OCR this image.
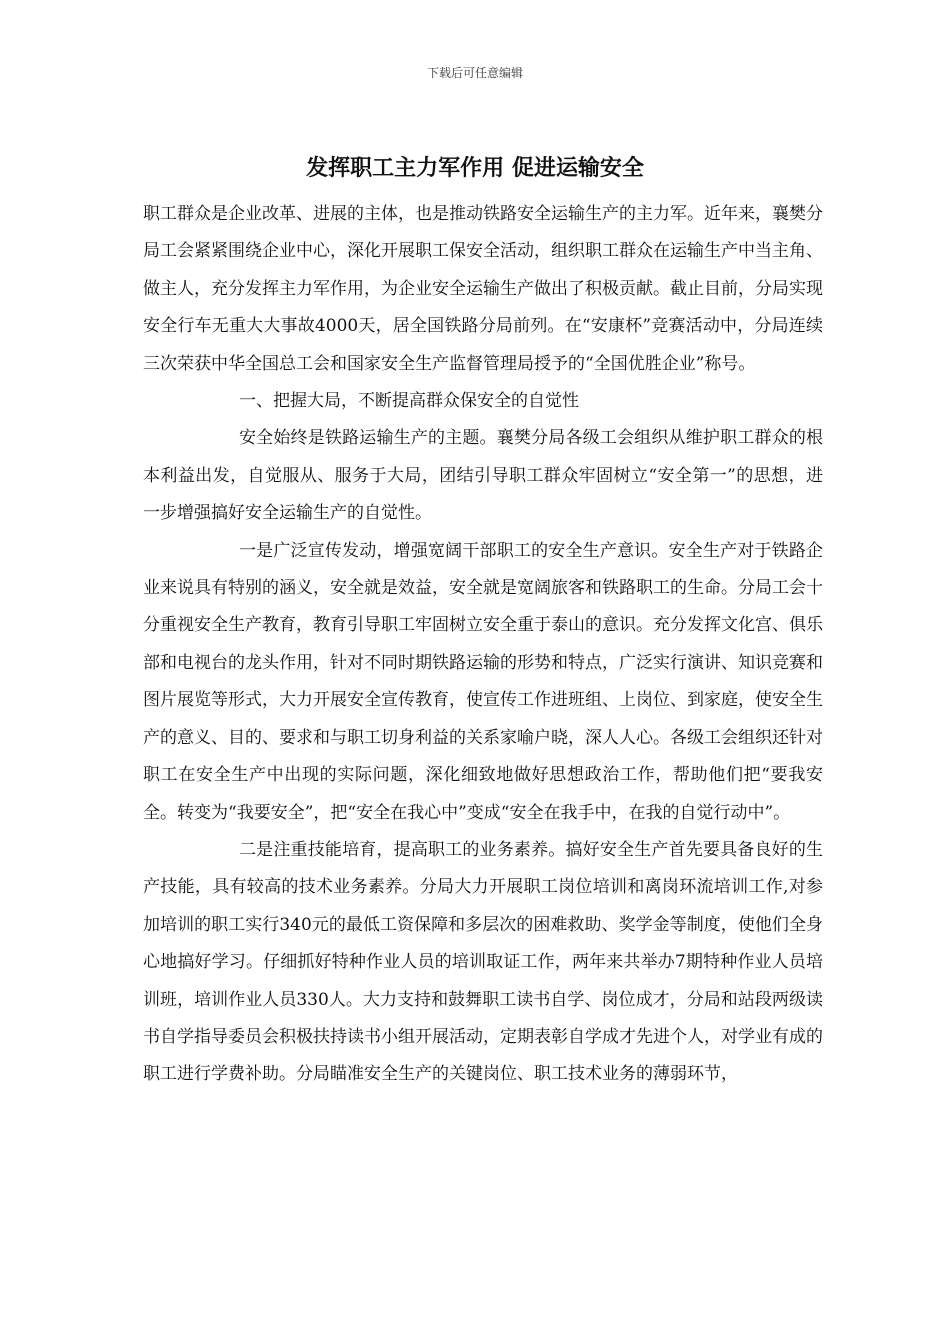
下载后可任意编辑
发挥职工主力军作用 促进运输安全

职工群众是企业改革、进展的主体，也是推动铁路安全运输生产的主力军。近年来，襄樊分局工会紧紧围绕企业中心，深化开展职工保安全活动，组织职工群众在运输生产中当主角、做主人，充分发挥主力军作用，为企业安全运输生产做出了积极贡献。截止目前，分局实现安全行车无重大大事故4000天，居全国铁路分局前列。在“安康杯”竞赛活动中，分局连续三次荣获中华全国总工会和国家安全生产监督管理局授予的“全国优胜企业”称号。

一、把握大局，不断提高群众保安全的自觉性

安全始终是铁路运输生产的主题。襄樊分局各级工会组织从维护职工群众的根本利益出发，自觉服从、服务于大局，团结引导职工群众牢固树立“安全第一”的思想，进一步增强搞好安全运输生产的自觉性。

一是广泛宣传发动，增强宽阔干部职工的安全生产意识。安全生产对于铁路企业来说具有特别的涵义，安全就是效益，安全就是宽阔旅客和铁路职工的生命。分局工会十分重视安全生产教育，教育引导职工牢固树立安全重于泰山的意识。充分发挥文化宫、俱乐部和电视台的龙头作用，针对不同时期铁路运输的形势和特点，广泛实行演讲、知识竞赛和图片展览等形式，大力开展安全宣传教育，使宣传工作进班组、上岗位、到家庭，使安全生产的意义、目的、要求和与职工切身利益的关系家喻户晓，深人人心。各级工会组织还针对职工在安全生产中出现的实际问题，深化细致地做好思想政治工作，帮助他们把“要我安全。转变为“我要安全”，把“安全在我心中”变成“安全在我手中，在我的自觉行动中”。

二是注重技能培育，提高职工的业务素养。搞好安全生产首先要具备良好的生产技能，具有较高的技术业务素养。分局大力开展职工岗位培训和离岗环流培训工作,对参加培训的职工实行340元的最低工资保障和多层次的困难救助、奖学金等制度，使他们全身心地搞好学习。仔细抓好特种作业人员的培训取证工作，两年来共举办7期特种作业人员培训班，培训作业人员330人。大力支持和鼓舞职工读书自学、岗位成才，分局和站段两级读书自学指导委员会积极扶持读书小组开展活动，定期表彰自学成才先进个人，对学业有成的职工进行学费补助。分局瞄准安全生产的关键岗位、职工技术业务的薄弱环节，
